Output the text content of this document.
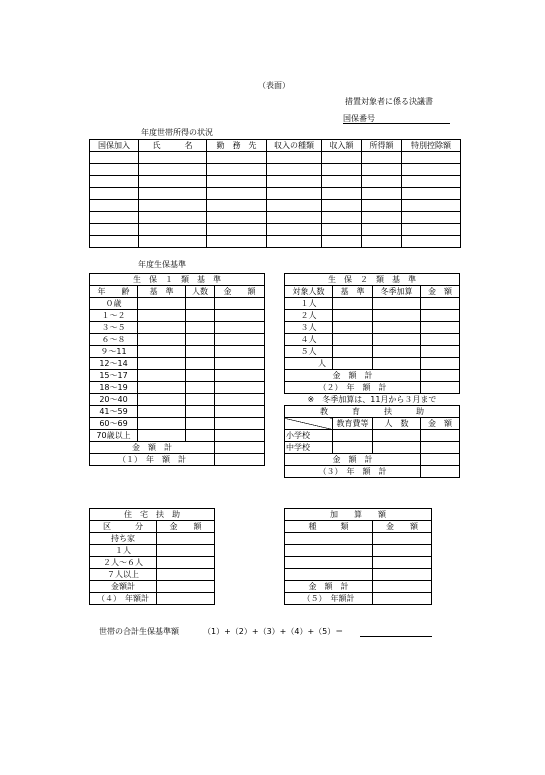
（表面）
措置対象者に係る決議書
国保番号
年度世帯所得の状況
国保加入	氏　　　名	勤　務　先	収入の種類	収入額	所得額	特別控除額

年度生保基準
生　保　１　類　基　準			
年　　齢	基　準	人数	金　　額
０歳			
１〜２			
３〜５			
６〜８			
９〜11			
12〜14			
15〜17			
18〜19			
20〜40			
41〜59			
60〜69			
70歳以上			
金　額　計			
（１）　年　額　計			
生　保　２　類　基　準			
対象人数	基　準	冬季加算	金　額
１人			
２人			
３人			
４人			
５人			
人			
金　額　計			
（２）　年　額　計			
※　冬季加算は、11月から３月まで			
教　　　育　　　扶　　　助			
	教育費等	人　数	金　額
小学校			
中学校			
金　額　計			
（３）　年　額　計			
住　宅　扶　助	
区　　　分	金　　額
持ち家	
１人	
２人〜６人	
７人以上	
金額計	
（４）　年額計	
加　　算　　額	
種　　　類	金　　額

金　額　計	
（５）　年額計	
世帯の合計生保基準額	（1）+（2）+（3）+（4）+（5）＝
